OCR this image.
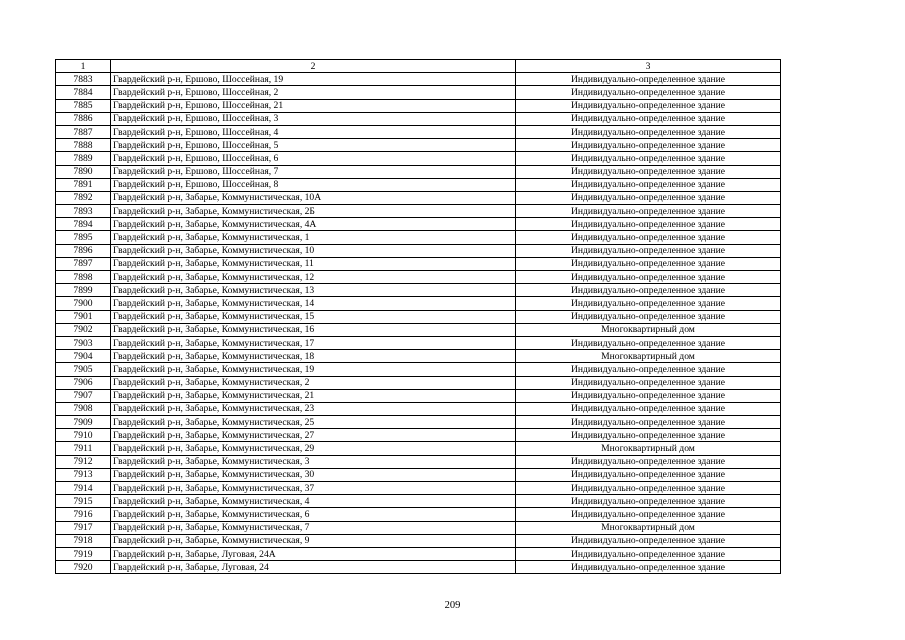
1	2	3
7883	Гвардейский р-н, Ершово, Шоссейная, 19	Индивидуально-определенное здание
7884	Гвардейский р-н, Ершово, Шоссейная, 2	Индивидуально-определенное здание
7885	Гвардейский р-н, Ершово, Шоссейная, 21	Индивидуально-определенное здание
7886	Гвардейский р-н, Ершово, Шоссейная, 3	Индивидуально-определенное здание
7887	Гвардейский р-н, Ершово, Шоссейная, 4	Индивидуально-определенное здание
7888	Гвардейский р-н, Ершово, Шоссейная, 5	Индивидуально-определенное здание
7889	Гвардейский р-н, Ершово, Шоссейная, 6	Индивидуально-определенное здание
7890	Гвардейский р-н, Ершово, Шоссейная, 7	Индивидуально-определенное здание
7891	Гвардейский р-н, Ершово, Шоссейная, 8	Индивидуально-определенное здание
7892	Гвардейский р-н, Забарье, Коммунистическая, 10А	Индивидуально-определенное здание
7893	Гвардейский р-н, Забарье, Коммунистическая, 2Б	Индивидуально-определенное здание
7894	Гвардейский р-н, Забарье, Коммунистическая, 4А	Индивидуально-определенное здание
7895	Гвардейский р-н, Забарье, Коммунистическая, 1	Индивидуально-определенное здание
7896	Гвардейский р-н, Забарье, Коммунистическая, 10	Индивидуально-определенное здание
7897	Гвардейский р-н, Забарье, Коммунистическая, 11	Индивидуально-определенное здание
7898	Гвардейский р-н, Забарье, Коммунистическая, 12	Индивидуально-определенное здание
7899	Гвардейский р-н, Забарье, Коммунистическая, 13	Индивидуально-определенное здание
7900	Гвардейский р-н, Забарье, Коммунистическая, 14	Индивидуально-определенное здание
7901	Гвардейский р-н, Забарье, Коммунистическая, 15	Индивидуально-определенное здание
7902	Гвардейский р-н, Забарье, Коммунистическая, 16	Многоквартирный дом
7903	Гвардейский р-н, Забарье, Коммунистическая, 17	Индивидуально-определенное здание
7904	Гвардейский р-н, Забарье, Коммунистическая, 18	Многоквартирный дом
7905	Гвардейский р-н, Забарье, Коммунистическая, 19	Индивидуально-определенное здание
7906	Гвардейский р-н, Забарье, Коммунистическая, 2	Индивидуально-определенное здание
7907	Гвардейский р-н, Забарье, Коммунистическая, 21	Индивидуально-определенное здание
7908	Гвардейский р-н, Забарье, Коммунистическая, 23	Индивидуально-определенное здание
7909	Гвардейский р-н, Забарье, Коммунистическая, 25	Индивидуально-определенное здание
7910	Гвардейский р-н, Забарье, Коммунистическая, 27	Индивидуально-определенное здание
7911	Гвардейский р-н, Забарье, Коммунистическая, 29	Многоквартирный дом
7912	Гвардейский р-н, Забарье, Коммунистическая, 3	Индивидуально-определенное здание
7913	Гвардейский р-н, Забарье, Коммунистическая, 30	Индивидуально-определенное здание
7914	Гвардейский р-н, Забарье, Коммунистическая, 37	Индивидуально-определенное здание
7915	Гвардейский р-н, Забарье, Коммунистическая, 4	Индивидуально-определенное здание
7916	Гвардейский р-н, Забарье, Коммунистическая, 6	Индивидуально-определенное здание
7917	Гвардейский р-н, Забарье, Коммунистическая, 7	Многоквартирный дом
7918	Гвардейский р-н, Забарье, Коммунистическая, 9	Индивидуально-определенное здание
7919	Гвардейский р-н, Забарье, Луговая, 24А	Индивидуально-определенное здание
7920	Гвардейский р-н, Забарье, Луговая, 24	Индивидуально-определенное здание
209
